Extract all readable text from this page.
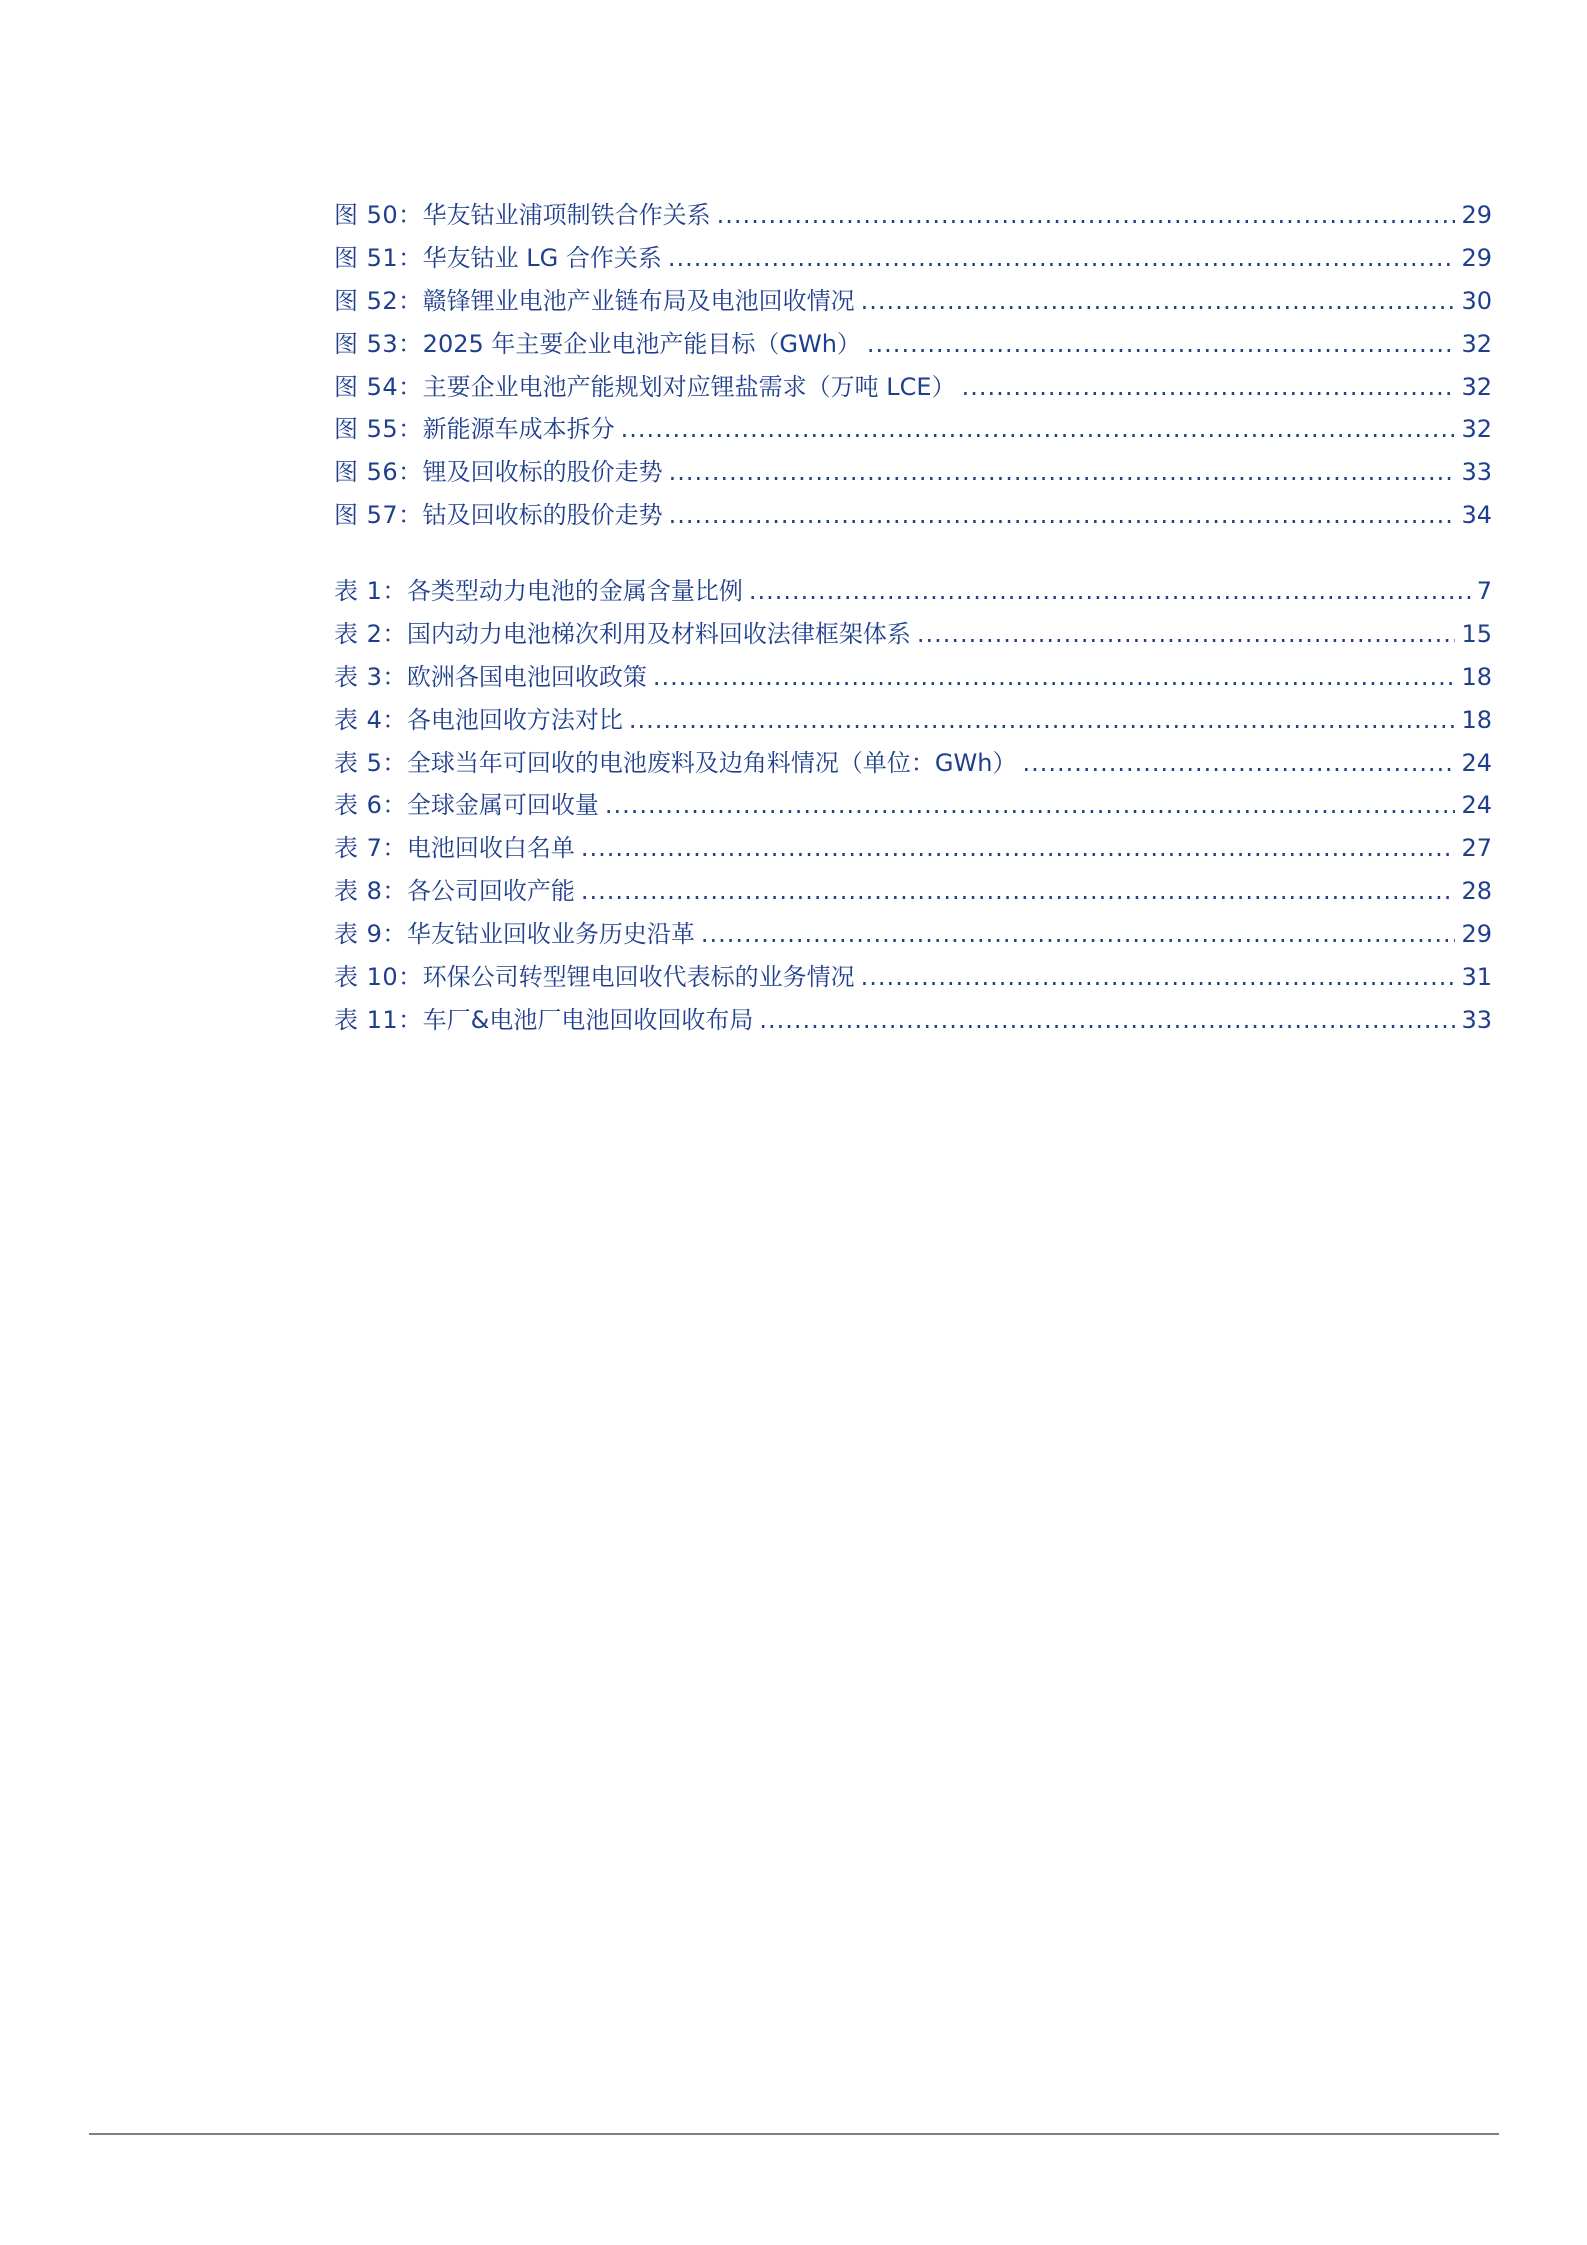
图 50：华友钴业浦项制铁合作关系 .....	29
图 51：华友钴业 LG 合作关系 .....	29
图 52：赣锋锂业电池产业链布局及电池回收情况 .....	30
图 53：2025 年主要企业电池产能目标（GWh） .....	32
图 54：主要企业电池产能规划对应锂盐需求（万吨 LCE） .....	32
图 55：新能源车成本拆分 .....	32
图 56：锂及回收标的股价走势 .....	33
图 57：钴及回收标的股价走势 .....	34
表 1：各类型动力电池的金属含量比例 .....	7
表 2：国内动力电池梯次利用及材料回收法律框架体系 .....	15
表 3：欧洲各国电池回收政策 .....	18
表 4：各电池回收方法对比 .....	18
表 5：全球当年可回收的电池废料及边角料情况（单位：GWh） .....	24
表 6：全球金属可回收量 .....	24
表 7：电池回收白名单 .....	27
表 8：各公司回收产能 .....	28
表 9：华友钴业回收业务历史沿革 .....	29
表 10：环保公司转型锂电回收代表标的业务情况 .....	31
表 11：车厂&电池厂电池回收回收布局 .....	33
